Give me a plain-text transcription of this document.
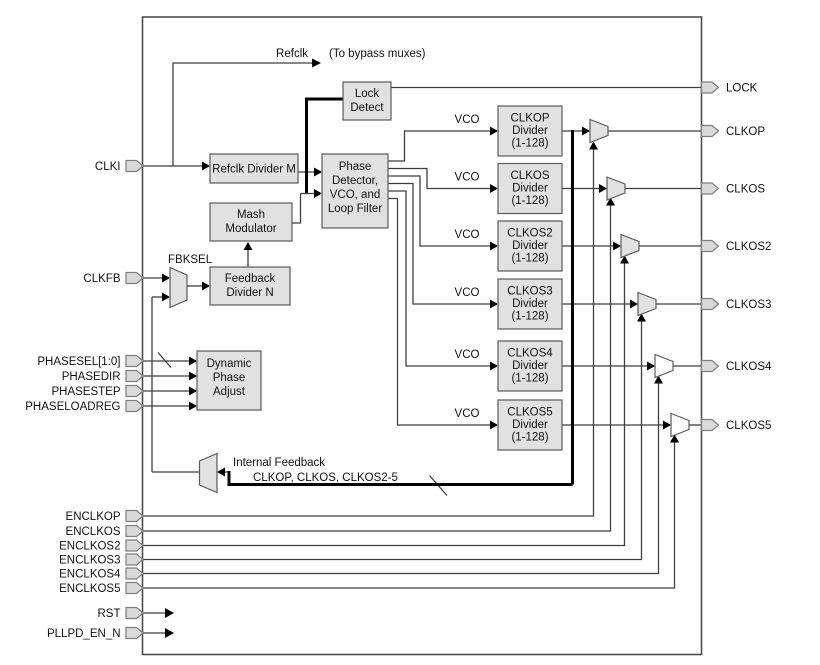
Refclk Divider M
Lock
Detect
Phase
Detector,
VCO, and
Loop Filter
Mash
Modulator
Feedback
Divider N
Dynamic
Phase
Adjust
CLKOP
Divider
(1-128)
CLKOS
Divider
(1-128)
CLKOS2
Divider
(1-128)
CLKOS3
Divider
(1-128)
CLKOS4
Divider
(1-128)
CLKOS5
Divider
(1-128)
VCO
VCO
VCO
VCO
VCO
VCO
CLKI
CLKFB
PHASESEL[1:0]
PHASEDIR
PHASESTEP
PHASELOADREG
ENCLKOP
ENCLKOS
ENCLKOS2
ENCLKOS3
ENCLKOS4
ENCLKOS5
RST
PLLPD_EN_N
LOCK
CLKOP
CLKOS
CLKOS2
CLKOS3
CLKOS4
CLKOS5
Refclk (To bypass muxes)
FBKSEL
Internal Feedback
CLKOP, CLKOS, CLKOS2-5
